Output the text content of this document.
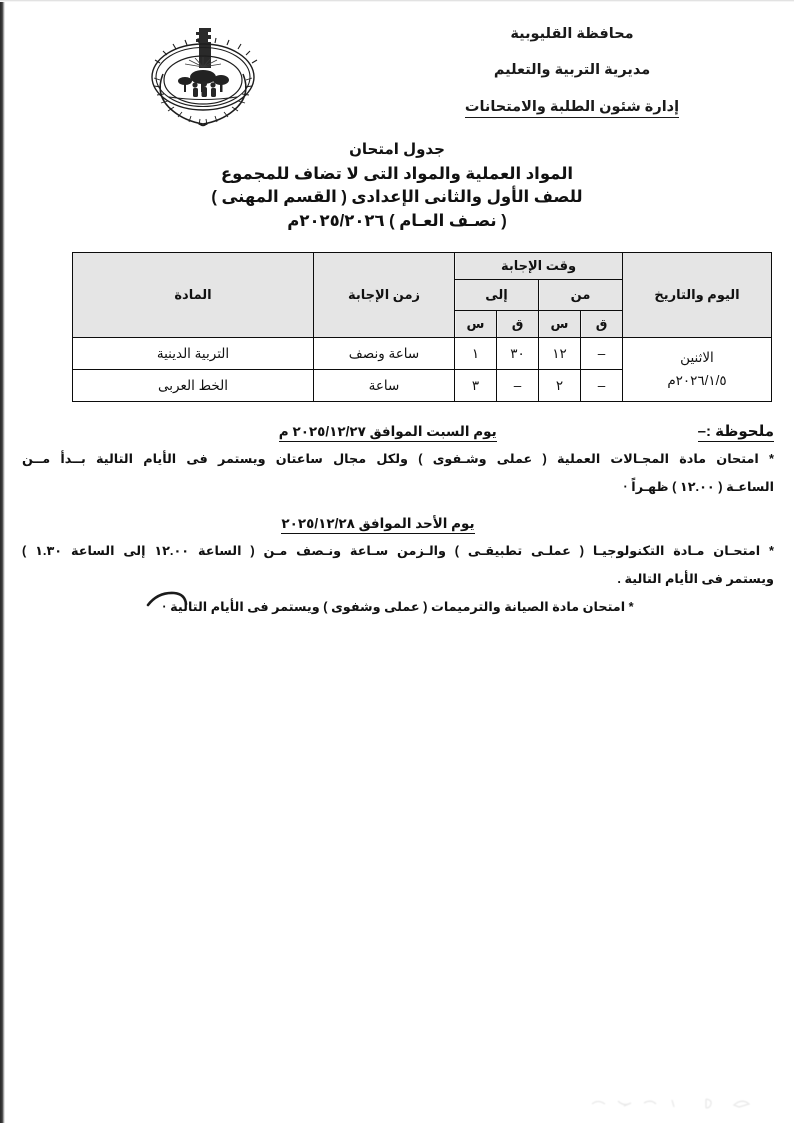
محافظة القليوبية
مديرية التربية والتعليم
إدارة شئون الطلبة والامتحانات
جدول امتحان
المواد العملية والمواد التى لا تضاف للمجموع
للصف الأول والثانى الإعدادى ( القسم المهنى )
( نصـف العـام ) ٢٠٢٥/٢٠٢٦م
اليوم والتاريخ	وقت الإجابة				زمن الإجابة	المادة
	من		إلى			
	ق	س	ق	س		

الاثنين
٢٠٢٦/١/٥م	–	١٢	٣٠	١	ساعة ونصف	التربية الدينية
	–	٢	–	٣	ساعة	الخط العربى
ملحوظة :–
يوم السبت الموافق ٢٠٢٥/١٢/٢٧ م
* امتحان مادة المجـالات العملية ( عملى وشـفوى ) ولكل مجال ساعتان ويستمر فى الأيام التالية بــدأ مــن
الساعـة ( ١٢.٠٠ ) ظهـراً ·
يوم الأحد الموافق ٢٠٢٥/١٢/٢٨
* امتحـان مـادة التكنولوجيـا ( عملـى تطبيقـى ) والـزمن سـاعة ونـصف مـن ( الساعة ١٢.٠٠ إلى الساعة ١.٣٠ )
ويستمر فى الأيام التالية .
* امتحان مادة الصيانة والترميمات ( عملى وشفوى ) ويستمر فى الأيام التالية ·
